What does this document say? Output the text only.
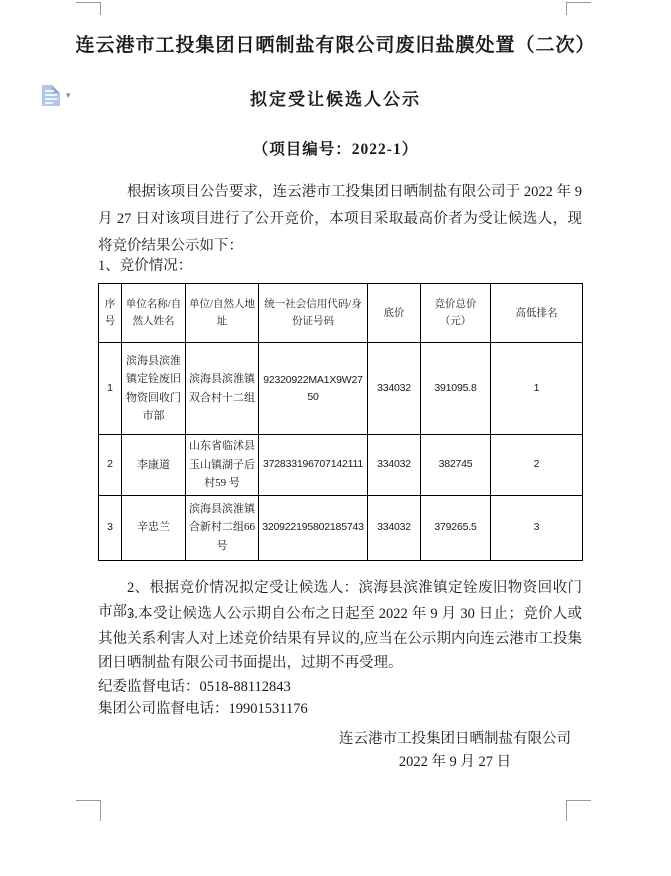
▾
连云港市工投集团日晒制盐有限公司废旧盐膜处置（二次）
拟定受让候选人公示
（项目编号：2022-1）
根据该项目公告要求，连云港市工投集团日晒制盐有限公司于 2022 年 9 月 27 日对该项目进行了公开竞价，本项目采取最高价者为受让候选人，现将竞价结果公示如下：
1、竞价情况：
序号	单位名称/自然人姓名	单位/自然人地址	统一社会信用代码/身份证号码	底价	竞价总价（元）	高低排名
1	滨海县滨淮镇定铨废旧物资回收门市部	滨海县滨淮镇双合村十二组	92320922MA1X9W2750	334032	391095.8	1
2	李康道	山东省临沭县玉山镇湖子后村59 号	372833196707142111	334032	382745	2
3	辛忠兰	滨海县滨淮镇合新村二组66 号	320922195802185743	334032	379265.5	3
2、根据竞价情况拟定受让候选人：滨海县滨淮镇定铨废旧物资回收门市部；
3.本受让候选人公示期自公布之日起至 2022 年 9 月 30 日止；竞价人或其他关系利害人对上述竞价结果有异议的,应当在公示期内向连云港市工投集团日晒制盐有限公司书面提出，过期不再受理。
纪委监督电话：0518-88112843
集团公司监督电话：19901531176
连云港市工投集团日晒制盐有限公司
2022 年 9 月 27 日
